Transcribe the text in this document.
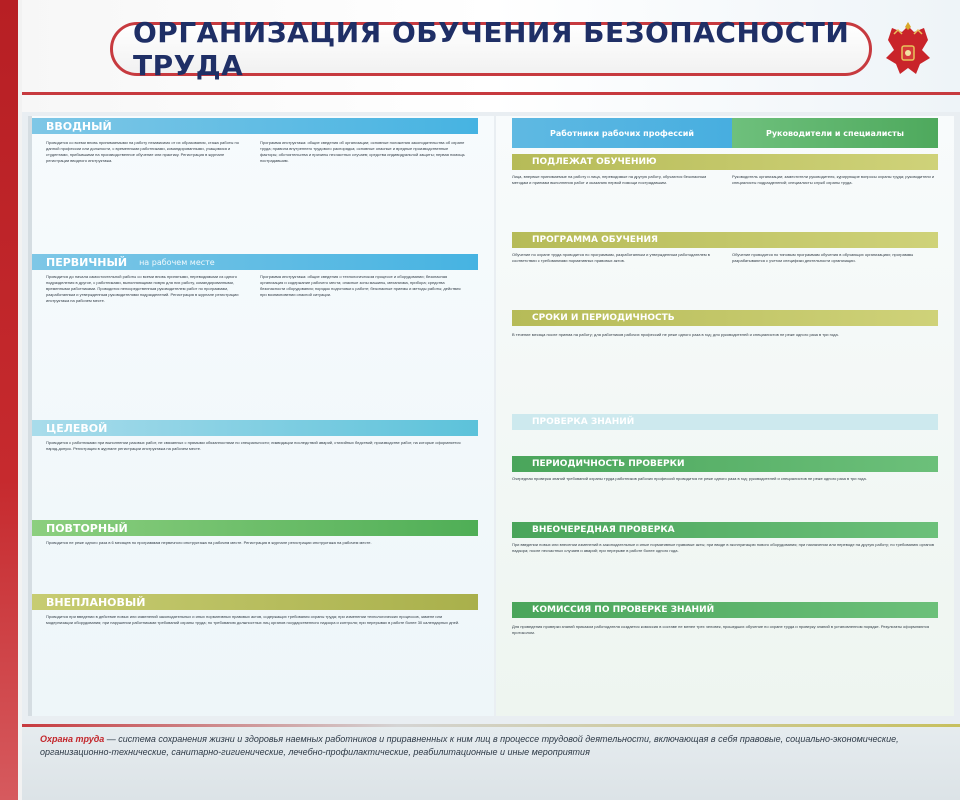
ОРГАНИЗАЦИЯ ОБУЧЕНИЯ БЕЗОПАСНОСТИ ТРУДА
ВВОДНЫЙ
Проводится со всеми вновь принимаемыми на работу независимо от их образования, стажа работы по данной профессии или должности, с временными работниками, командированными, учащимися и студентами, прибывшими на производственное обучение или практику. Регистрация в журнале регистрации вводного инструктажа.
Программа инструктажа: общие сведения об организации; основные положения законодательства об охране труда; правила внутреннего трудового распорядка; основные опасные и вредные производственные факторы; обстоятельства и причины несчастных случаев; средства индивидуальной защиты; первая помощь пострадавшим.
ПЕРВИЧНЫЙ на рабочем месте
Проводится до начала самостоятельной работы со всеми вновь принятыми, переводимыми из одного подразделения в другое, с работниками, выполняющими новую для них работу, командированными, временными работниками. Проводится непосредственным руководителем работ по программам, разработанным и утвержденным руководителями подразделений. Регистрация в журнале регистрации инструктажа на рабочем месте.
Программа инструктажа: общие сведения о технологическом процессе и оборудовании; безопасная организация и содержание рабочего места; опасные зоны машины, механизма, прибора; средства безопасности оборудования; порядок подготовки к работе; безопасные приемы и методы работы; действия при возникновении опасной ситуации.
ЦЕЛЕВОЙ
Проводится с работниками при выполнении разовых работ, не связанных с прямыми обязанностями по специальности; ликвидации последствий аварий, стихийных бедствий; производстве работ, на которые оформляется наряд-допуск. Регистрация в журнале регистрации инструктажа на рабочем месте.
ПОВТОРНЫЙ
Проводится не реже одного раза в 6 месяцев по программам первичного инструктажа на рабочем месте. Регистрация в журнале регистрации инструктажа на рабочем месте.
ВНЕПЛАНОВЫЙ
Проводится при введении в действие новых или изменений законодательных и иных нормативных правовых актов, содержащих требования охраны труда; при изменении технологических процессов, замене или модернизации оборудования; при нарушении работниками требований охраны труда; по требованию должностных лиц органов государственного надзора и контроля; при перерывах в работе более 30 календарных дней.
Работники рабочих профессий	Руководители и специалисты
ПОДЛЕЖАТ ОБУЧЕНИЮ
Лица, впервые принимаемые на работу и лица, переводимые на другую работу, обучаются безопасным методам и приемам выполнения работ и оказанию первой помощи пострадавшим.
Руководитель организации; заместители руководителя, курирующие вопросы охраны труда; руководители и специалисты подразделений; специалисты служб охраны труда.
ПРОГРАММА ОБУЧЕНИЯ
Обучение по охране труда проводится по программам, разработанным и утвержденным работодателем в соответствии с требованиями нормативных правовых актов.
Обучение проводится по типовым программам обучения в обучающих организациях; программы разрабатываются с учетом специфики деятельности организации.
СРОКИ И ПЕРИОДИЧНОСТЬ
В течение месяца после приема на работу; для работников рабочих профессий не реже одного раза в год; для руководителей и специалистов не реже одного раза в три года.
ПРОВЕРКА ЗНАНИЙ
ПЕРИОДИЧНОСТЬ ПРОВЕРКИ
Очередная проверка знаний требований охраны труда работников рабочих профессий проводится не реже одного раза в год; руководителей и специалистов не реже одного раза в три года.
ВНЕОЧЕРЕДНАЯ ПРОВЕРКА
При введении новых или внесении изменений в законодательные и иные нормативные правовые акты; при вводе в эксплуатацию нового оборудования; при назначении или переводе на другую работу; по требованию органов надзора; после несчастных случаев и аварий; при перерыве в работе более одного года.
КОМИССИЯ ПО ПРОВЕРКЕ ЗНАНИЙ
Для проведения проверки знаний приказом работодателя создается комиссия в составе не менее трех человек, прошедших обучение по охране труда и проверку знаний в установленном порядке. Результаты оформляются протоколом.
Охрана труда — система сохранения жизни и здоровья наемных работников и приравненных к ним лиц в процессе трудовой деятельности, включающая в себя правовые, социально-экономические, организационно-технические, санитарно-гигиенические, лечебно-профилактические, реабилитационные и иные мероприятия
